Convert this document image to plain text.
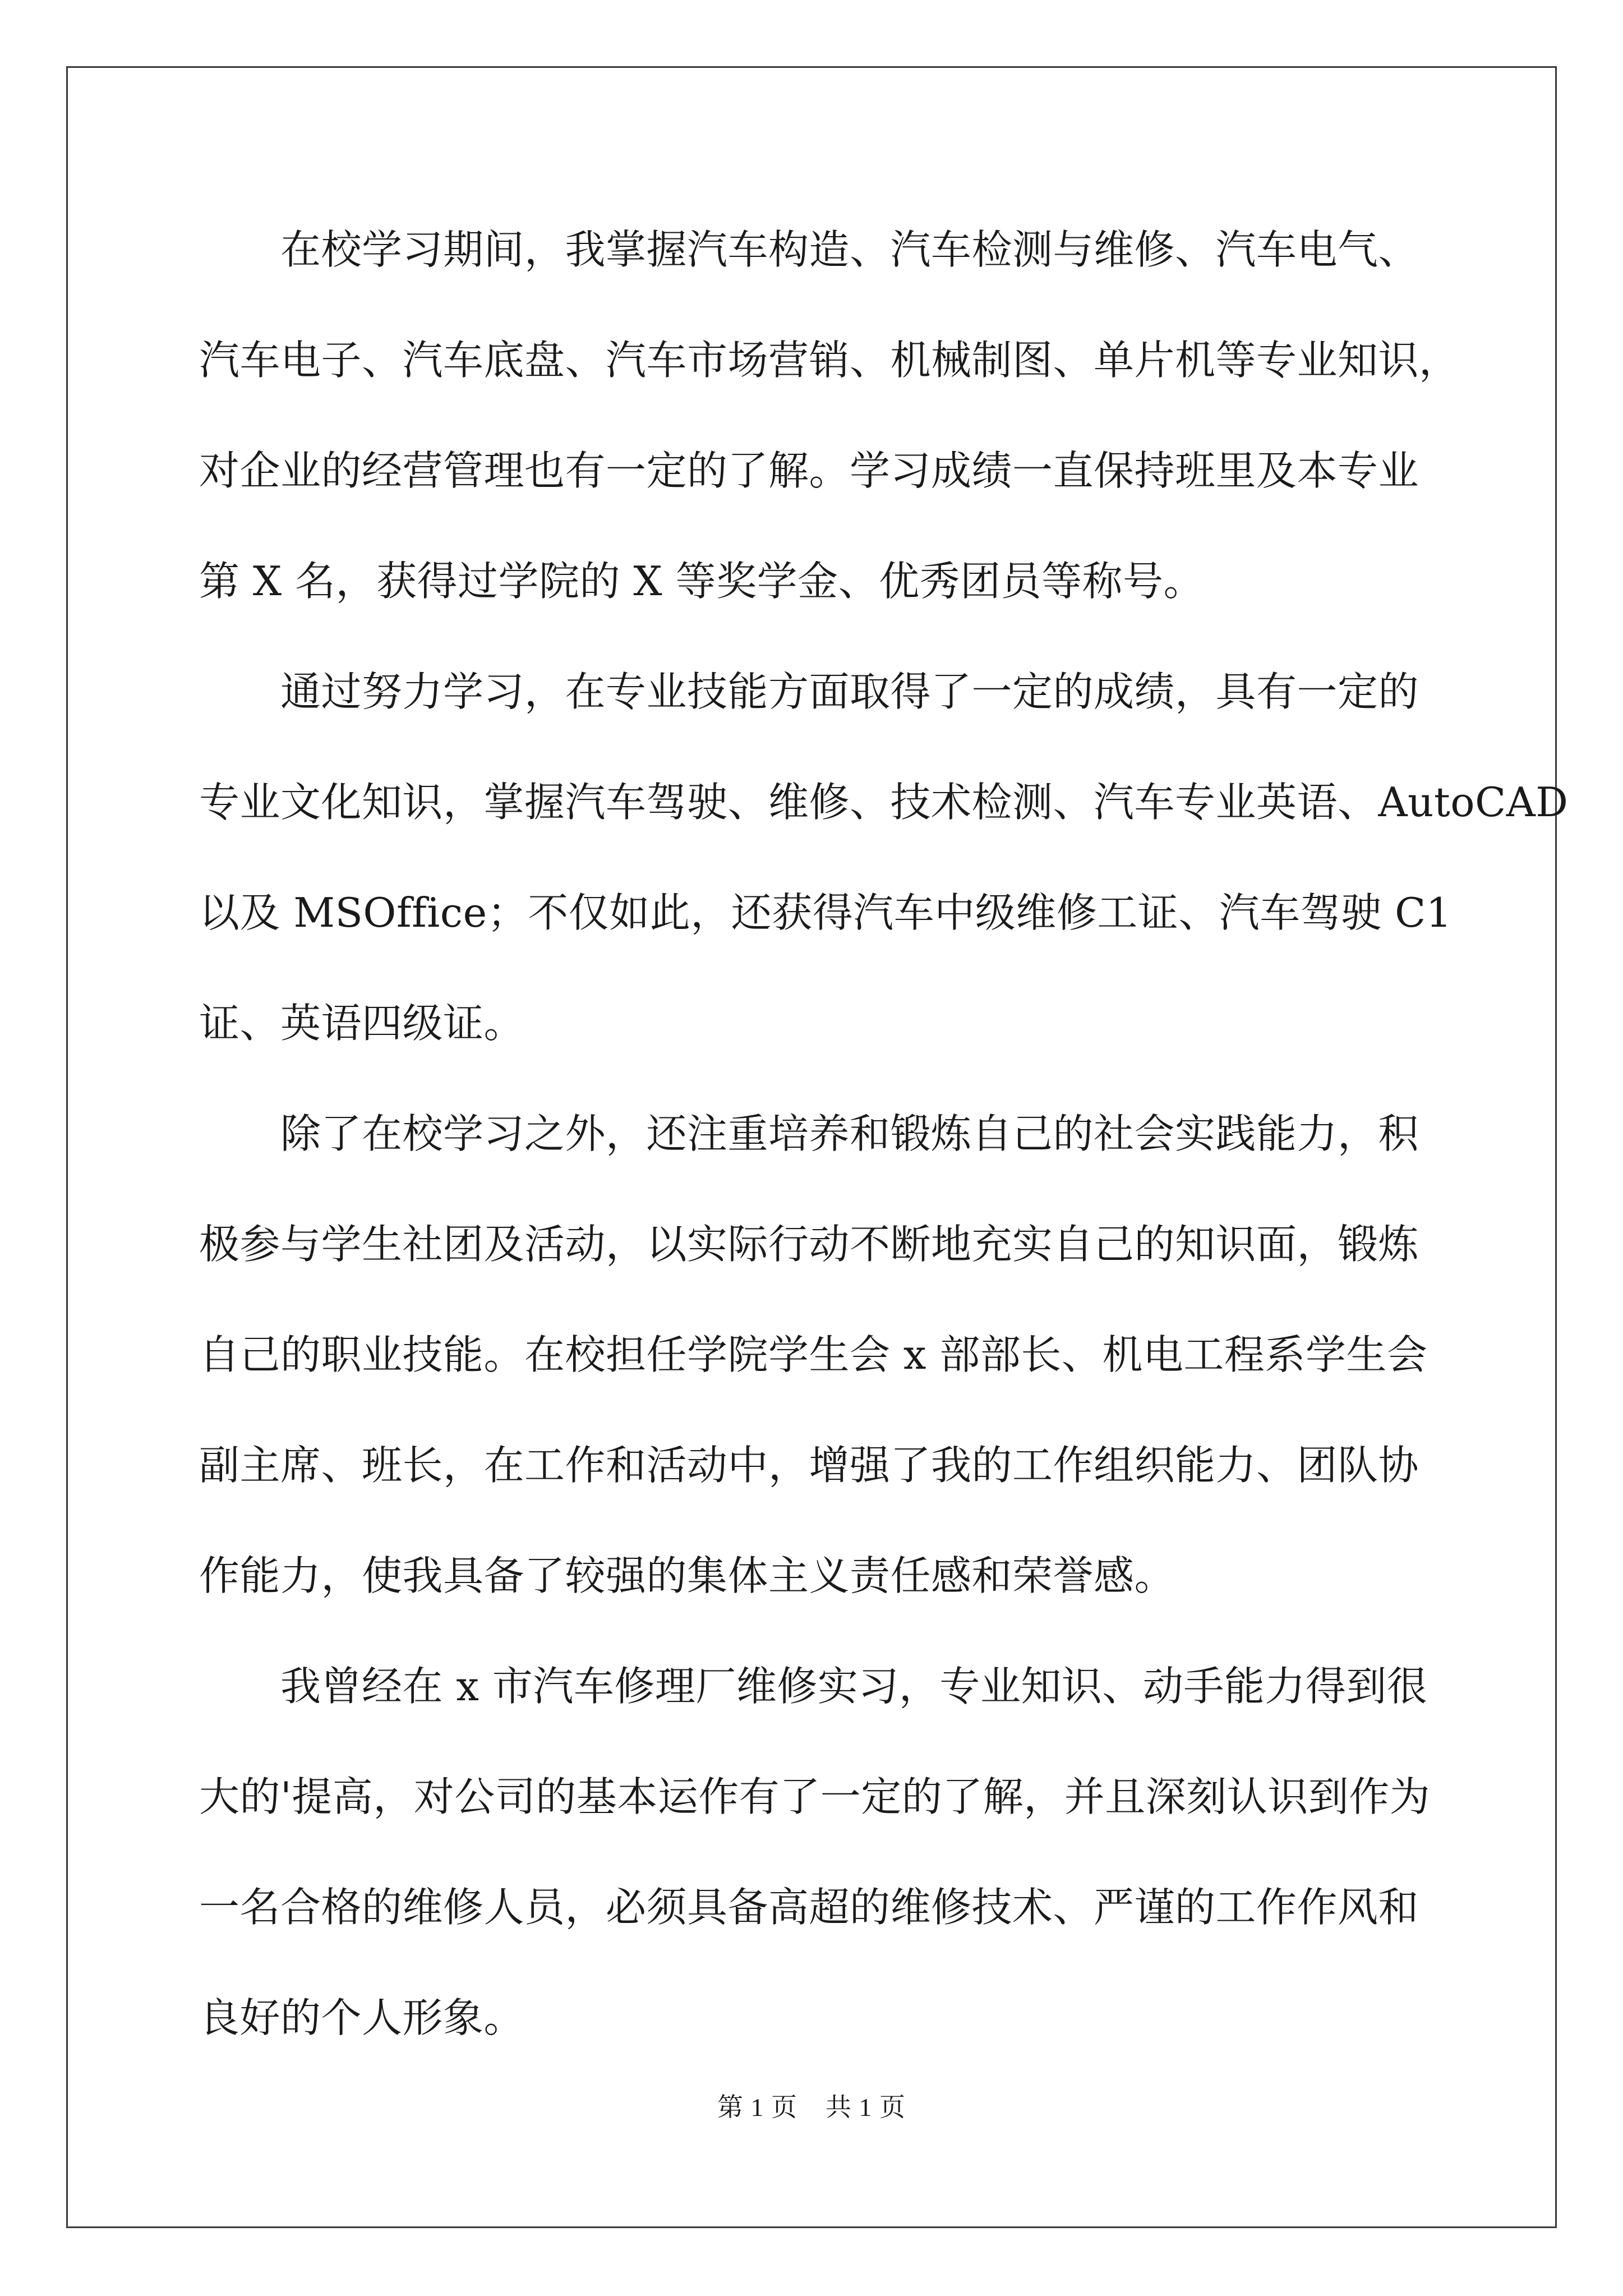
在校学习期间，我掌握汽车构造、汽车检测与维修、汽车电气、
汽车电子、汽车底盘、汽车市场营销、机械制图、单片机等专业知识，
对企业的经营管理也有一定的了解。学习成绩一直保持班里及本专业
第 X 名，获得过学院的 X 等奖学金、优秀团员等称号。
通过努力学习，在专业技能方面取得了一定的成绩，具有一定的
专业文化知识，掌握汽车驾驶、维修、技术检测、汽车专业英语、AutoCAD
以及 MSOffice；不仅如此，还获得汽车中级维修工证、汽车驾驶 C1
证、英语四级证。
除了在校学习之外，还注重培养和锻炼自己的社会实践能力，积
极参与学生社团及活动，以实际行动不断地充实自己的知识面，锻炼
自己的职业技能。在校担任学院学生会 x 部部长、机电工程系学生会
副主席、班长，在工作和活动中，增强了我的工作组织能力、团队协
作能力，使我具备了较强的集体主义责任感和荣誉感。
我曾经在 x 市汽车修理厂维修实习，专业知识、动手能力得到很
大的'提高，对公司的基本运作有了一定的了解，并且深刻认识到作为
一名合格的维修人员，必须具备高超的维修技术、严谨的工作作风和
良好的个人形象。
第 1 页 共 1 页
